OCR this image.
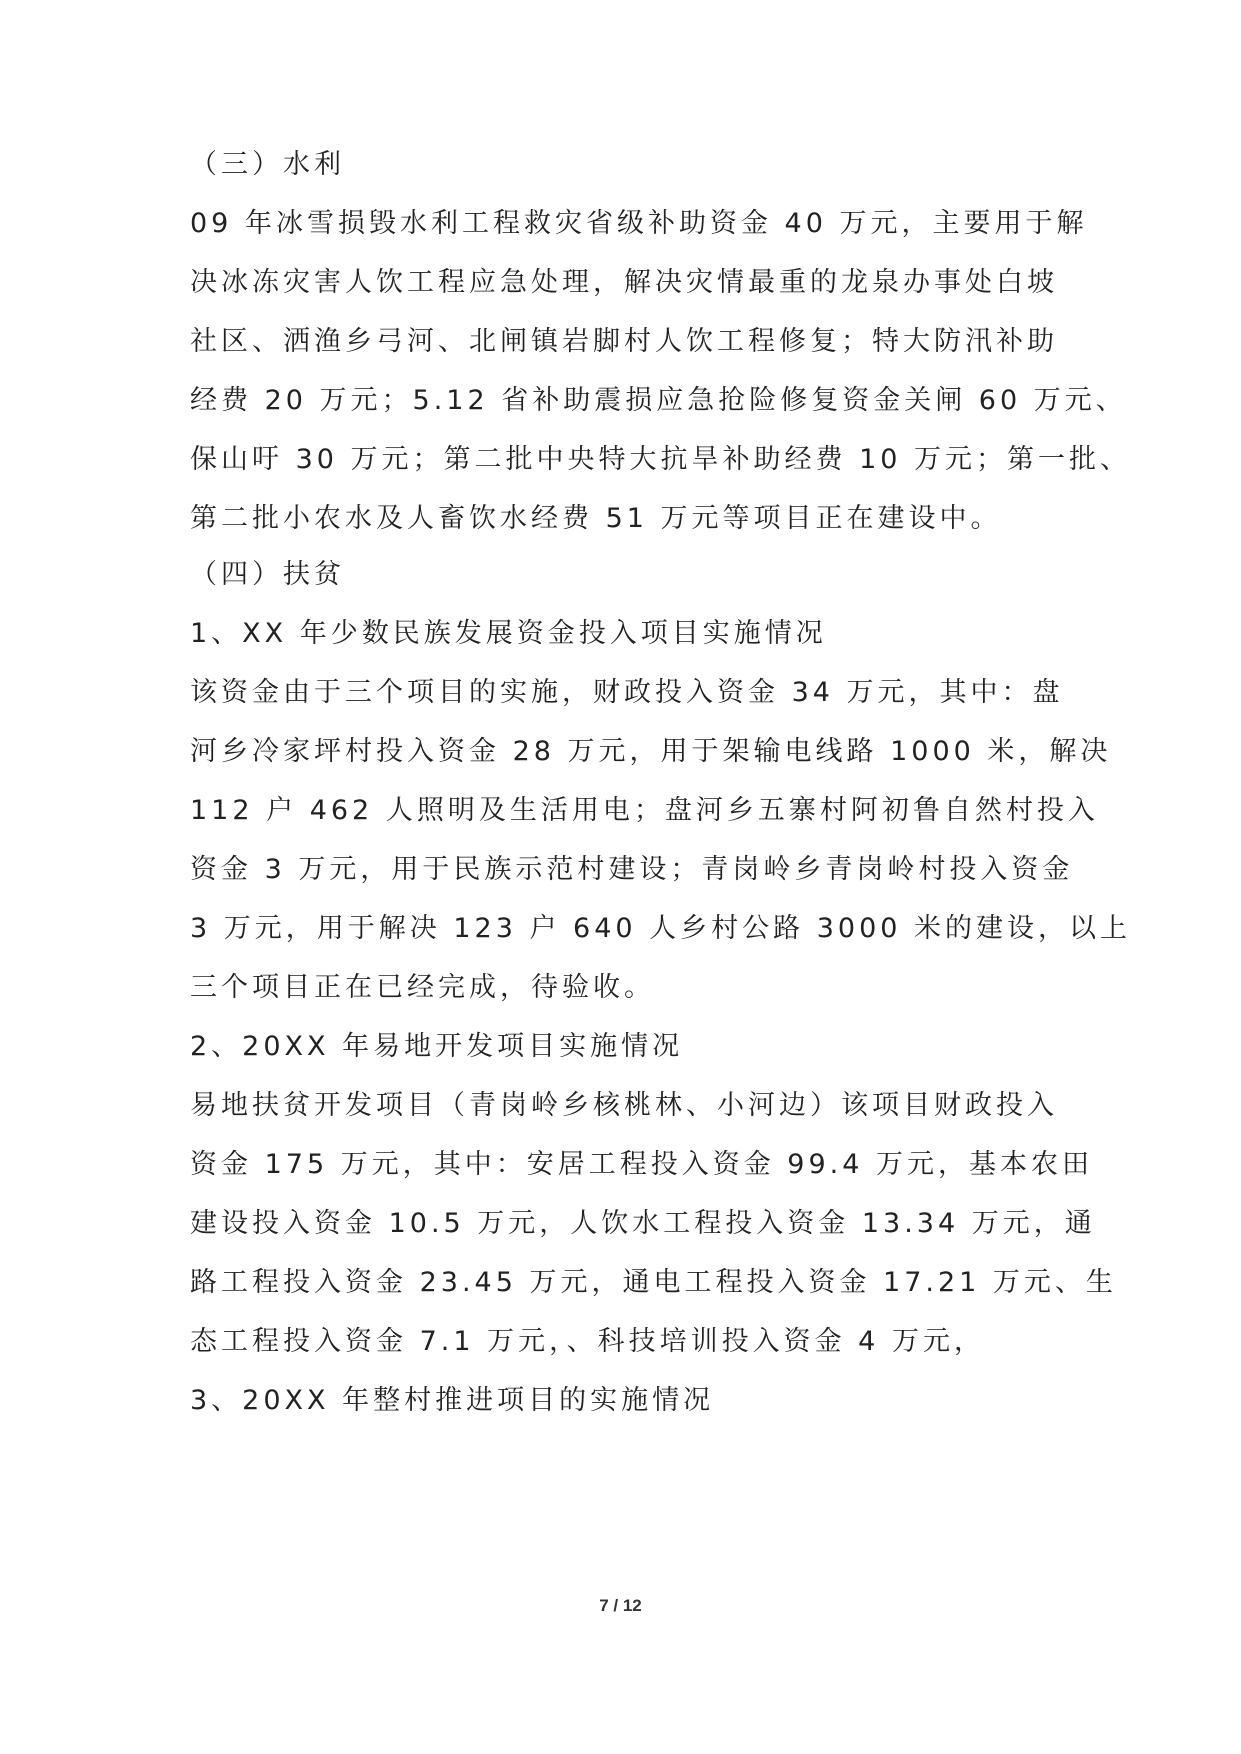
（三）水利
09 年冰雪损毁水利工程救灾省级补助资金 40 万元，主要用于解
决冰冻灾害人饮工程应急处理，解决灾情最重的龙泉办事处白坡
社区、洒渔乡弓河、北闸镇岩脚村人饮工程修复；特大防汛补助
经费 20 万元；5.12 省补助震损应急抢险修复资金关闸 60 万元、
保山吁 30 万元；第二批中央特大抗旱补助经费 10 万元；第一批、
第二批小农水及人畜饮水经费 51 万元等项目正在建设中。
（四）扶贫
1、XX 年少数民族发展资金投入项目实施情况
该资金由于三个项目的实施，财政投入资金 34 万元，其中：盘
河乡冷家坪村投入资金 28 万元，用于架输电线路 1000 米，解决
112 户 462 人照明及生活用电；盘河乡五寨村阿初鲁自然村投入
资金 3 万元，用于民族示范村建设；青岗岭乡青岗岭村投入资金
3 万元，用于解决 123 户 640 人乡村公路 3000 米的建设，以上
三个项目正在已经完成，待验收。
2、20XX 年易地开发项目实施情况
易地扶贫开发项目（青岗岭乡核桃林、小河边）该项目财政投入
资金 175 万元，其中：安居工程投入资金 99.4 万元，基本农田
建设投入资金 10.5 万元，人饮水工程投入资金 13.34 万元，通
路工程投入资金 23.45 万元，通电工程投入资金 17.21 万元、生
态工程投入资金 7.1 万元，、科技培训投入资金 4 万元，
3、20XX 年整村推进项目的实施情况
7 / 12
